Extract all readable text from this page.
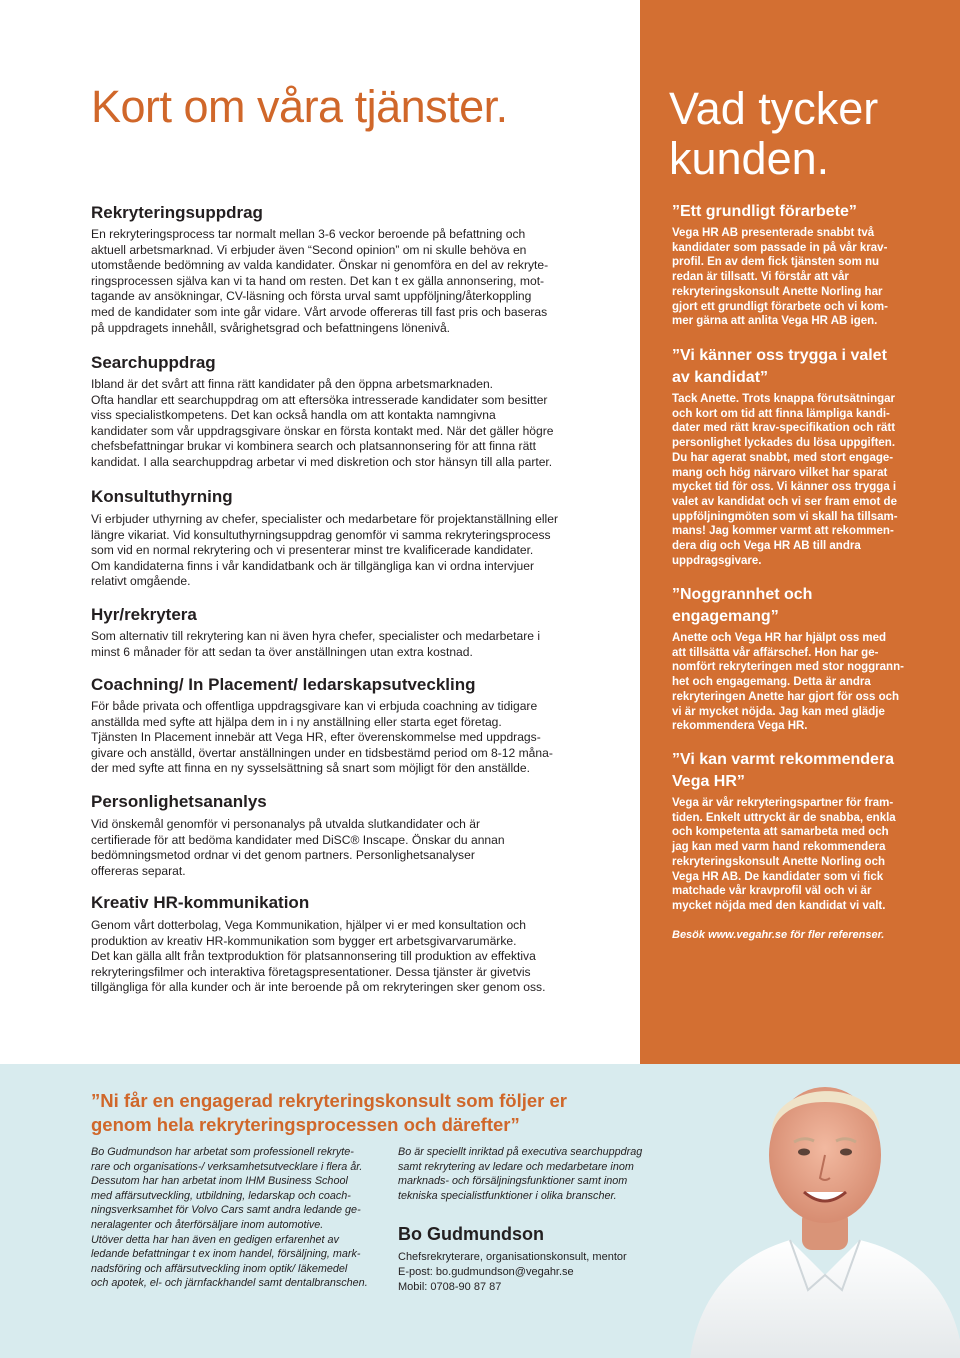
Kort om våra tjänster.
Rekryteringsuppdrag

En rekryteringsprocess tar normalt mellan 3-6 veckor beroende på befattning och
aktuell arbetsmarknad. Vi erbjuder även “Second opinion” om ni skulle behöva en
utomstående bedömning av valda kandidater. Önskar ni genomföra en del av rekryte-
ringsprocessen själva kan vi ta hand om resten. Det kan t ex gälla annonsering, mot-
tagande av ansökningar, CV-läsning och första urval samt uppföljning/återkoppling
med de kandidater som inte går vidare. Vårt arvode offereras till fast pris och baseras
på uppdragets innehåll, svårighetsgrad och befattningens lönenivå.

Searchuppdrag

Ibland är det svårt att finna rätt kandidater på den öppna arbetsmarknaden.
Ofta handlar ett searchuppdrag om att eftersöka intresserade kandidater som besitter
viss specialistkompetens. Det kan också handla om att kontakta namngivna
kandidater som vår uppdragsgivare önskar en första kontakt med. När det gäller högre
chefsbefattningar brukar vi kombinera search och platsannonsering för att finna rätt
kandidat. I alla searchuppdrag arbetar vi med diskretion och stor hänsyn till alla parter.

Konsultuthyrning

Vi erbjuder uthyrning av chefer, specialister och medarbetare för projektanställning eller
längre vikariat. Vid konsultuthyrningsuppdrag genomför vi samma rekryteringsprocess
som vid en normal rekrytering och vi presenterar minst tre kvalificerade kandidater.
Om kandidaterna finns i vår kandidatbank och är tillgängliga kan vi ordna intervjuer
relativt omgående.

Hyr/rekrytera

Som alternativ till rekrytering kan ni även hyra chefer, specialister och medarbetare i
minst 6 månader för att sedan ta över anställningen utan extra kostnad.

Coachning/ In Placement/ ledarskapsutveckling

För både privata och offentliga uppdragsgivare kan vi erbjuda coachning av tidigare
anställda med syfte att hjälpa dem in i ny anställning eller starta eget företag.
Tjänsten In Placement innebär att Vega HR, efter överenskommelse med uppdrags-
givare och anställd, övertar anställningen under en tidsbestämd period om 8-12 måna-
der med syfte att finna en ny sysselsättning så snart som möjligt för den anställde.

Personlighetsananlys

Vid önskemål genomför vi personanalys på utvalda slutkandidater och är
certifierade för att bedöma kandidater med DiSC® Inscape. Önskar du annan
bedömningsmetod ordnar vi det genom partners. Personlighetsanalyser
offereras separat.

Kreativ HR-kommunikation

Genom vårt dotterbolag, Vega Kommunikation, hjälper vi er med konsultation och
produktion av kreativ HR-kommunikation som bygger ert arbetsgivarvarumärke.
Det kan gälla allt från textproduktion för platsannonsering till produktion av effektiva
rekryteringsfilmer och interaktiva företagspresentationer. Dessa tjänster är givetvis
tillgängliga för alla kunder och är inte beroende på om rekryteringen sker genom oss.

Vad tycker
kunden.
”Ett grundligt förarbete”

Vega HR AB presenterade snabbt två
kandidater som passade in på vår krav-
profil. En av dem fick tjänsten som nu
redan är tillsatt. Vi förstår att vår
rekryteringskonsult Anette Norling har
gjort ett grundligt förarbete och vi kom-
mer gärna att anlita Vega HR AB igen.

”Vi känner oss trygga i valet
av kandidat”

Tack Anette. Trots knappa förutsätningar
och kort om tid att finna lämpliga kandi-
dater med rätt krav-specifikation och rätt
personlighet lyckades du lösa uppgiften.
Du har agerat snabbt, med stort engage-
mang och hög närvaro vilket har sparat
mycket tid för oss. Vi känner oss trygga i
valet av kandidat och vi ser fram emot de
uppföljningmöten som vi skall ha tillsam-
mans! Jag kommer varmt att rekommen-
dera dig och Vega HR AB till andra
uppdragsgivare.

”Noggrannhet och
engagemang”

Anette och Vega HR har hjälpt oss med
att tillsätta vår affärschef. Hon har ge-
nomfört rekryteringen med stor noggrann-
het och engagemang. Detta är andra
rekryteringen Anette har gjort för oss och
vi är mycket nöjda. Jag kan med glädje
rekommendera Vega HR.

”Vi kan varmt rekommendera
Vega HR”

Vega är vår rekryteringspartner för fram-
tiden. Enkelt uttryckt är de snabba, enkla
och kompetenta att samarbeta med och
jag kan med varm hand rekommendera
rekryteringskonsult Anette Norling och
Vega HR AB. De kandidater som vi fick
matchade vår kravprofil väl och vi är
mycket nöjda med den kandidat vi valt.

Besök www.vegahr.se för fler referenser.

”Ni får en engagerad rekryteringskonsult som följer er
genom hela rekryteringsprocessen och därefter”

Bo Gudmundson har arbetat som professionell rekryte-
rare och organisations-/ verksamhetsutvecklare i flera år.
Dessutom har han arbetat inom IHM Business School
med affärsutveckling, utbildning, ledarskap och coach-
ningsverksamhet för Volvo Cars samt andra ledande ge-
neralagenter och återförsäljare inom automotive.
Utöver detta har han även en gedigen erfarenhet av
ledande befattningar t ex inom handel, försäljning, mark-
nadsföring och affärsutveckling inom optik/ läkemedel
och apotek, el- och järnfackhandel samt dentalbranschen.

Bo är speciellt inriktad på executiva searchuppdrag
samt rekrytering av ledare och medarbetare inom
marknads- och försäljningsfunktioner samt inom
tekniska specialistfunktioner i olika branscher.

Bo Gudmundson

Chefsrekryterare, organisationskonsult, mentor
E-post: bo.gudmundson@vegahr.se
Mobil: 0708-90 87 87
